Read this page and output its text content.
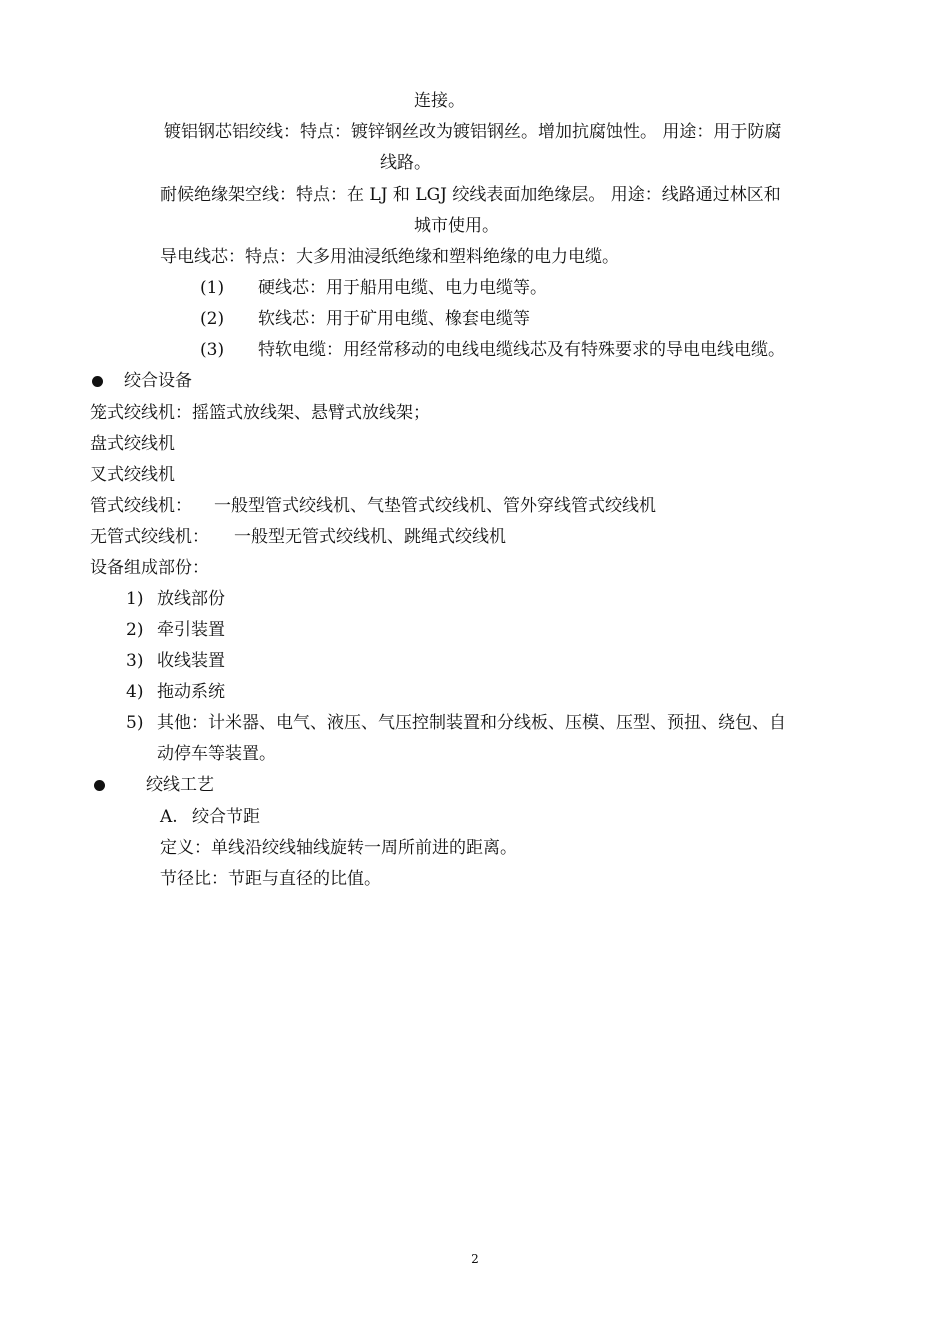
连接。
镀铝钢芯铝绞线：特点：镀锌钢丝改为镀铝钢丝。增加抗腐蚀性。 用途：用于防腐
线路。
耐候绝缘架空线：特点：在 LJ 和 LGJ 绞线表面加绝缘层。 用途：线路通过林区和
城市使用。
导电线芯：特点：大多用油浸纸绝缘和塑料绝缘的电力电缆。
(1) 硬线芯：用于船用电缆、电力电缆等。
(2) 软线芯：用于矿用电缆、橡套电缆等
(3) 特软电缆：用经常移动的电线电缆线芯及有特殊要求的导电电线电缆。
绞合设备
笼式绞线机：摇篮式放线架、悬臂式放线架；
盘式绞线机
叉式绞线机
管式绞线机： 一般型管式绞线机、气垫管式绞线机、管外穿线管式绞线机
无管式绞线机： 一般型无管式绞线机、跳绳式绞线机
设备组成部份：
1) 放线部份
2) 牵引装置
3) 收线装置
4) 拖动系统
5) 其他：计米器、电气、液压、气压控制装置和分线板、压模、压型、预扭、绕包、自
动停车等装置。
绞线工艺
A. 绞合节距
定义：单线沿绞线轴线旋转一周所前进的距离。
节径比：节距与直径的比值。
2
